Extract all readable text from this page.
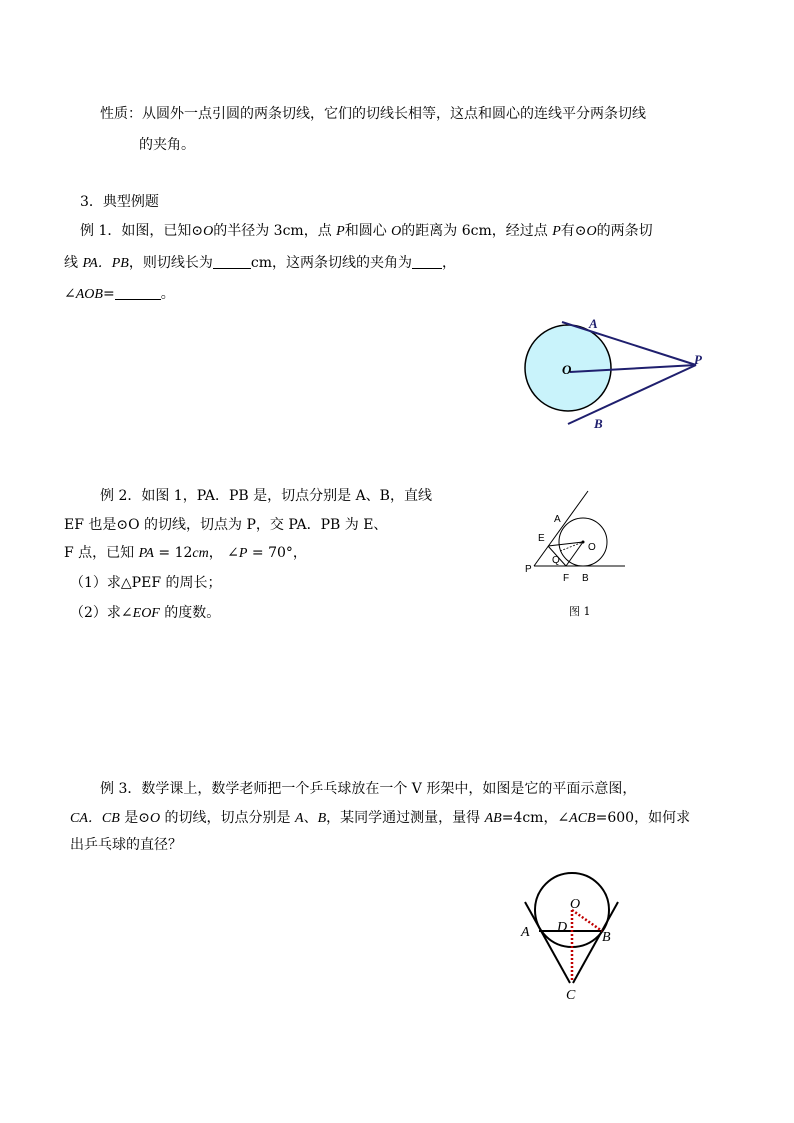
性质：从圆外一点引圆的两条切线，它们的切线长相等，这点和圆心的连线平分两条切线
的夹角。
3．典型例题
例 1．如图，已知⊙O的半径为 3cm，点 P和圆心 O的距离为 6cm，经过点 P有⊙O的两条切
线 PA．PB，则切线长为	cm，这两条切线的夹角为 ，
∠AOB=	。
A
B
O
P
例 2．如图 1，PA．PB 是，切点分别是 A、B，直线
EF 也是⊙O 的切线，切点为 P，交 PA．PB 为 E、
F 点，已知 PA = 12cm， ∠P = 70°，
（1）求△PEF 的周长；
（2）求∠EOF 的度数。
A
E
O
P
Q
F B
图 1
例 3．数学课上，数学老师把一个乒乓球放在一个 V 形架中，如图是它的平面示意图，
CA．CB 是⊙O 的切线，切点分别是 A、B，某同学通过测量，量得 AB=4cm，∠ACB=600，如何求
出乒乓球的直径？
O
D
A	B
C
